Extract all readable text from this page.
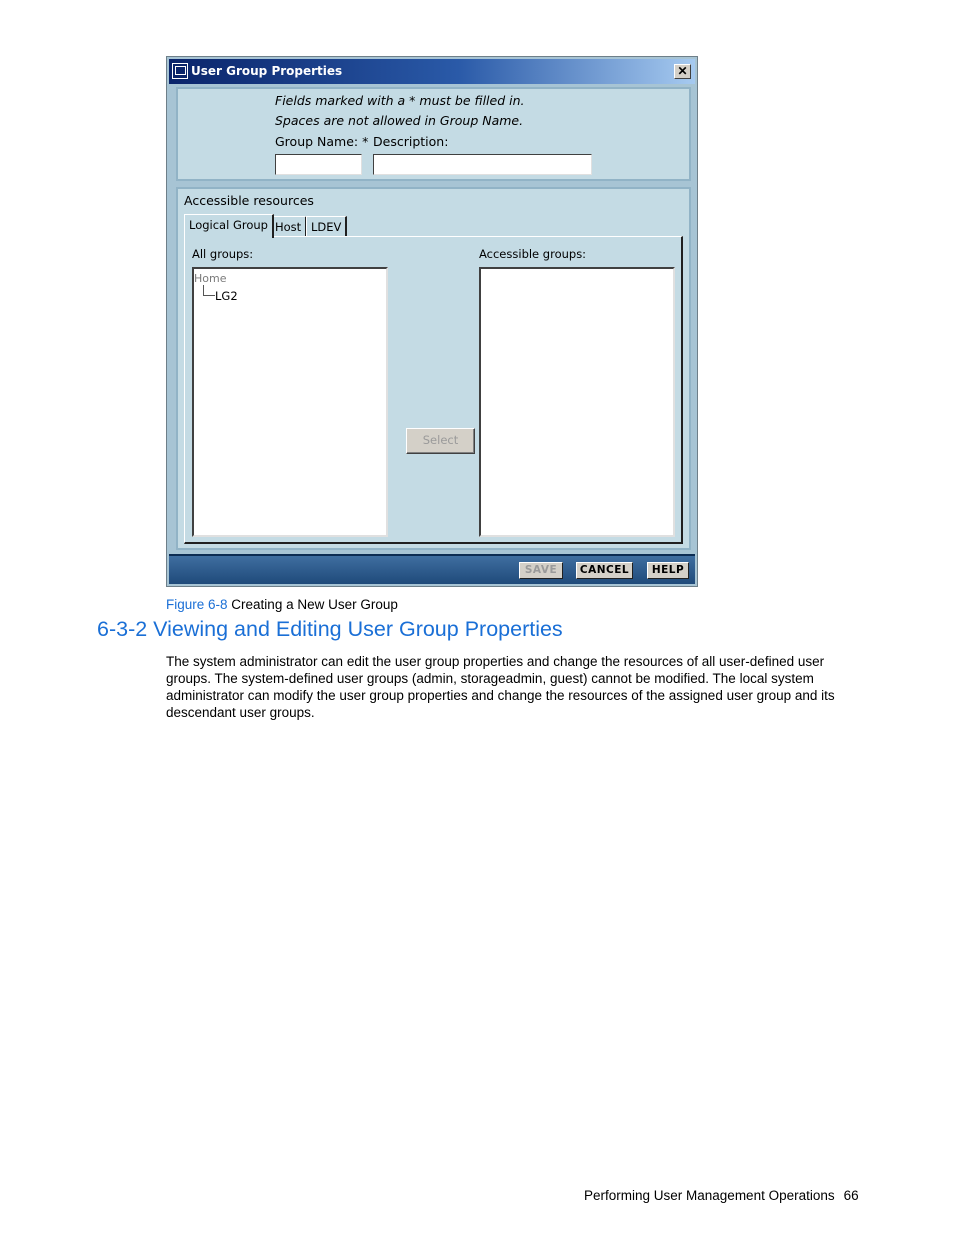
User Group Properties	✕
Fields marked with a * must be filled in.
Spaces are not allowed in Group Name.
Group Name: * Description:
Accessible resources
Logical Group Host LDEV
All groups:	Accessible groups:
Home
LG2
Select
SAVE	CANCEL	HELP
Figure 6-8 Creating a New User Group
6-3-2 Viewing and Editing User Group Properties

The system administrator can edit the user group properties and change the resources of all user-defined user groups. The system-defined user groups (admin, storageadmin, guest) cannot be modified. The local system administrator can modify the user group properties and change the resources of the assigned user group and its descendant user groups.

Performing User Management Operations 66
